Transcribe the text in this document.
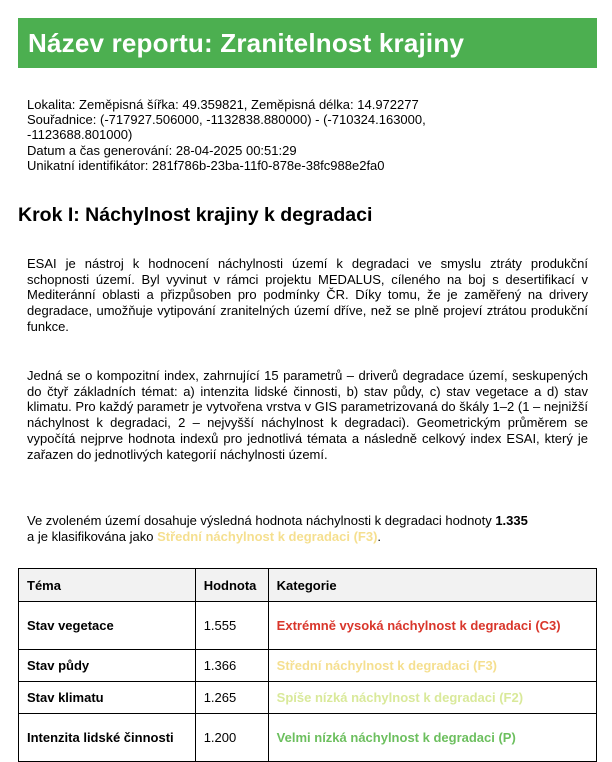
Název reportu: Zranitelnost krajiny
Lokalita: Zeměpisná šířka: 49.359821, Zeměpisná délka: 14.972277
Souřadnice: (-717927.506000, -1132838.880000) - (-710324.163000,
-1123688.801000)
Datum a čas generování: 28-04-2025 00:51:29
Unikatní identifikátor: 281f786b-23ba-11f0-878e-38fc988e2fa0
Krok I: Náchylnost krajiny k degradaci

ESAI je nástroj k hodnocení náchylnosti území k degradaci ve smyslu ztráty produkční schopnosti území. Byl vyvinut v rámci projektu MEDALUS, cíleného na boj s desertifikací v Mediteránní oblasti a přizpůsoben pro podmínky ČR. Díky tomu, že je zaměřený na drivery degradace, umožňuje vytipování zranitelných území dříve, než se plně projeví ztrátou produkční funkce.

Jedná se o kompozitní index, zahrnující 15 parametrů – driverů degradace území, seskupených do čtyř základních témat: a) intenzita lidské činnosti, b) stav půdy, c) stav vegetace a d) stav klimatu. Pro každý parametr je vytvořena vrstva v GIS parametrizovaná do škály 1–2 (1 – nejnižší náchylnost k degradaci, 2 – nejvyšší náchylnost k degradaci). Geometrickým průměrem se vypočítá nejprve hodnota indexů pro jednotlivá témata a následně celkový index ESAI, který je zařazen do jednotlivých kategorií náchylnosti území.

Ve zvoleném území dosahuje výsledná hodnota náchylnosti k degradaci hodnoty 1.335
a je klasifikována jako Střední náchylnost k degradaci (F3).

Téma	Hodnota	Kategorie
Stav vegetace	1.555	Extrémně vysoká náchylnost k degradaci (C3)
Stav půdy	1.366	Střední náchylnost k degradaci (F3)
Stav klimatu	1.265	Spíše nízká náchylnost k degradaci (F2)
Intenzita lidské činnosti	1.200	Velmi nízká náchylnost k degradaci (P)
